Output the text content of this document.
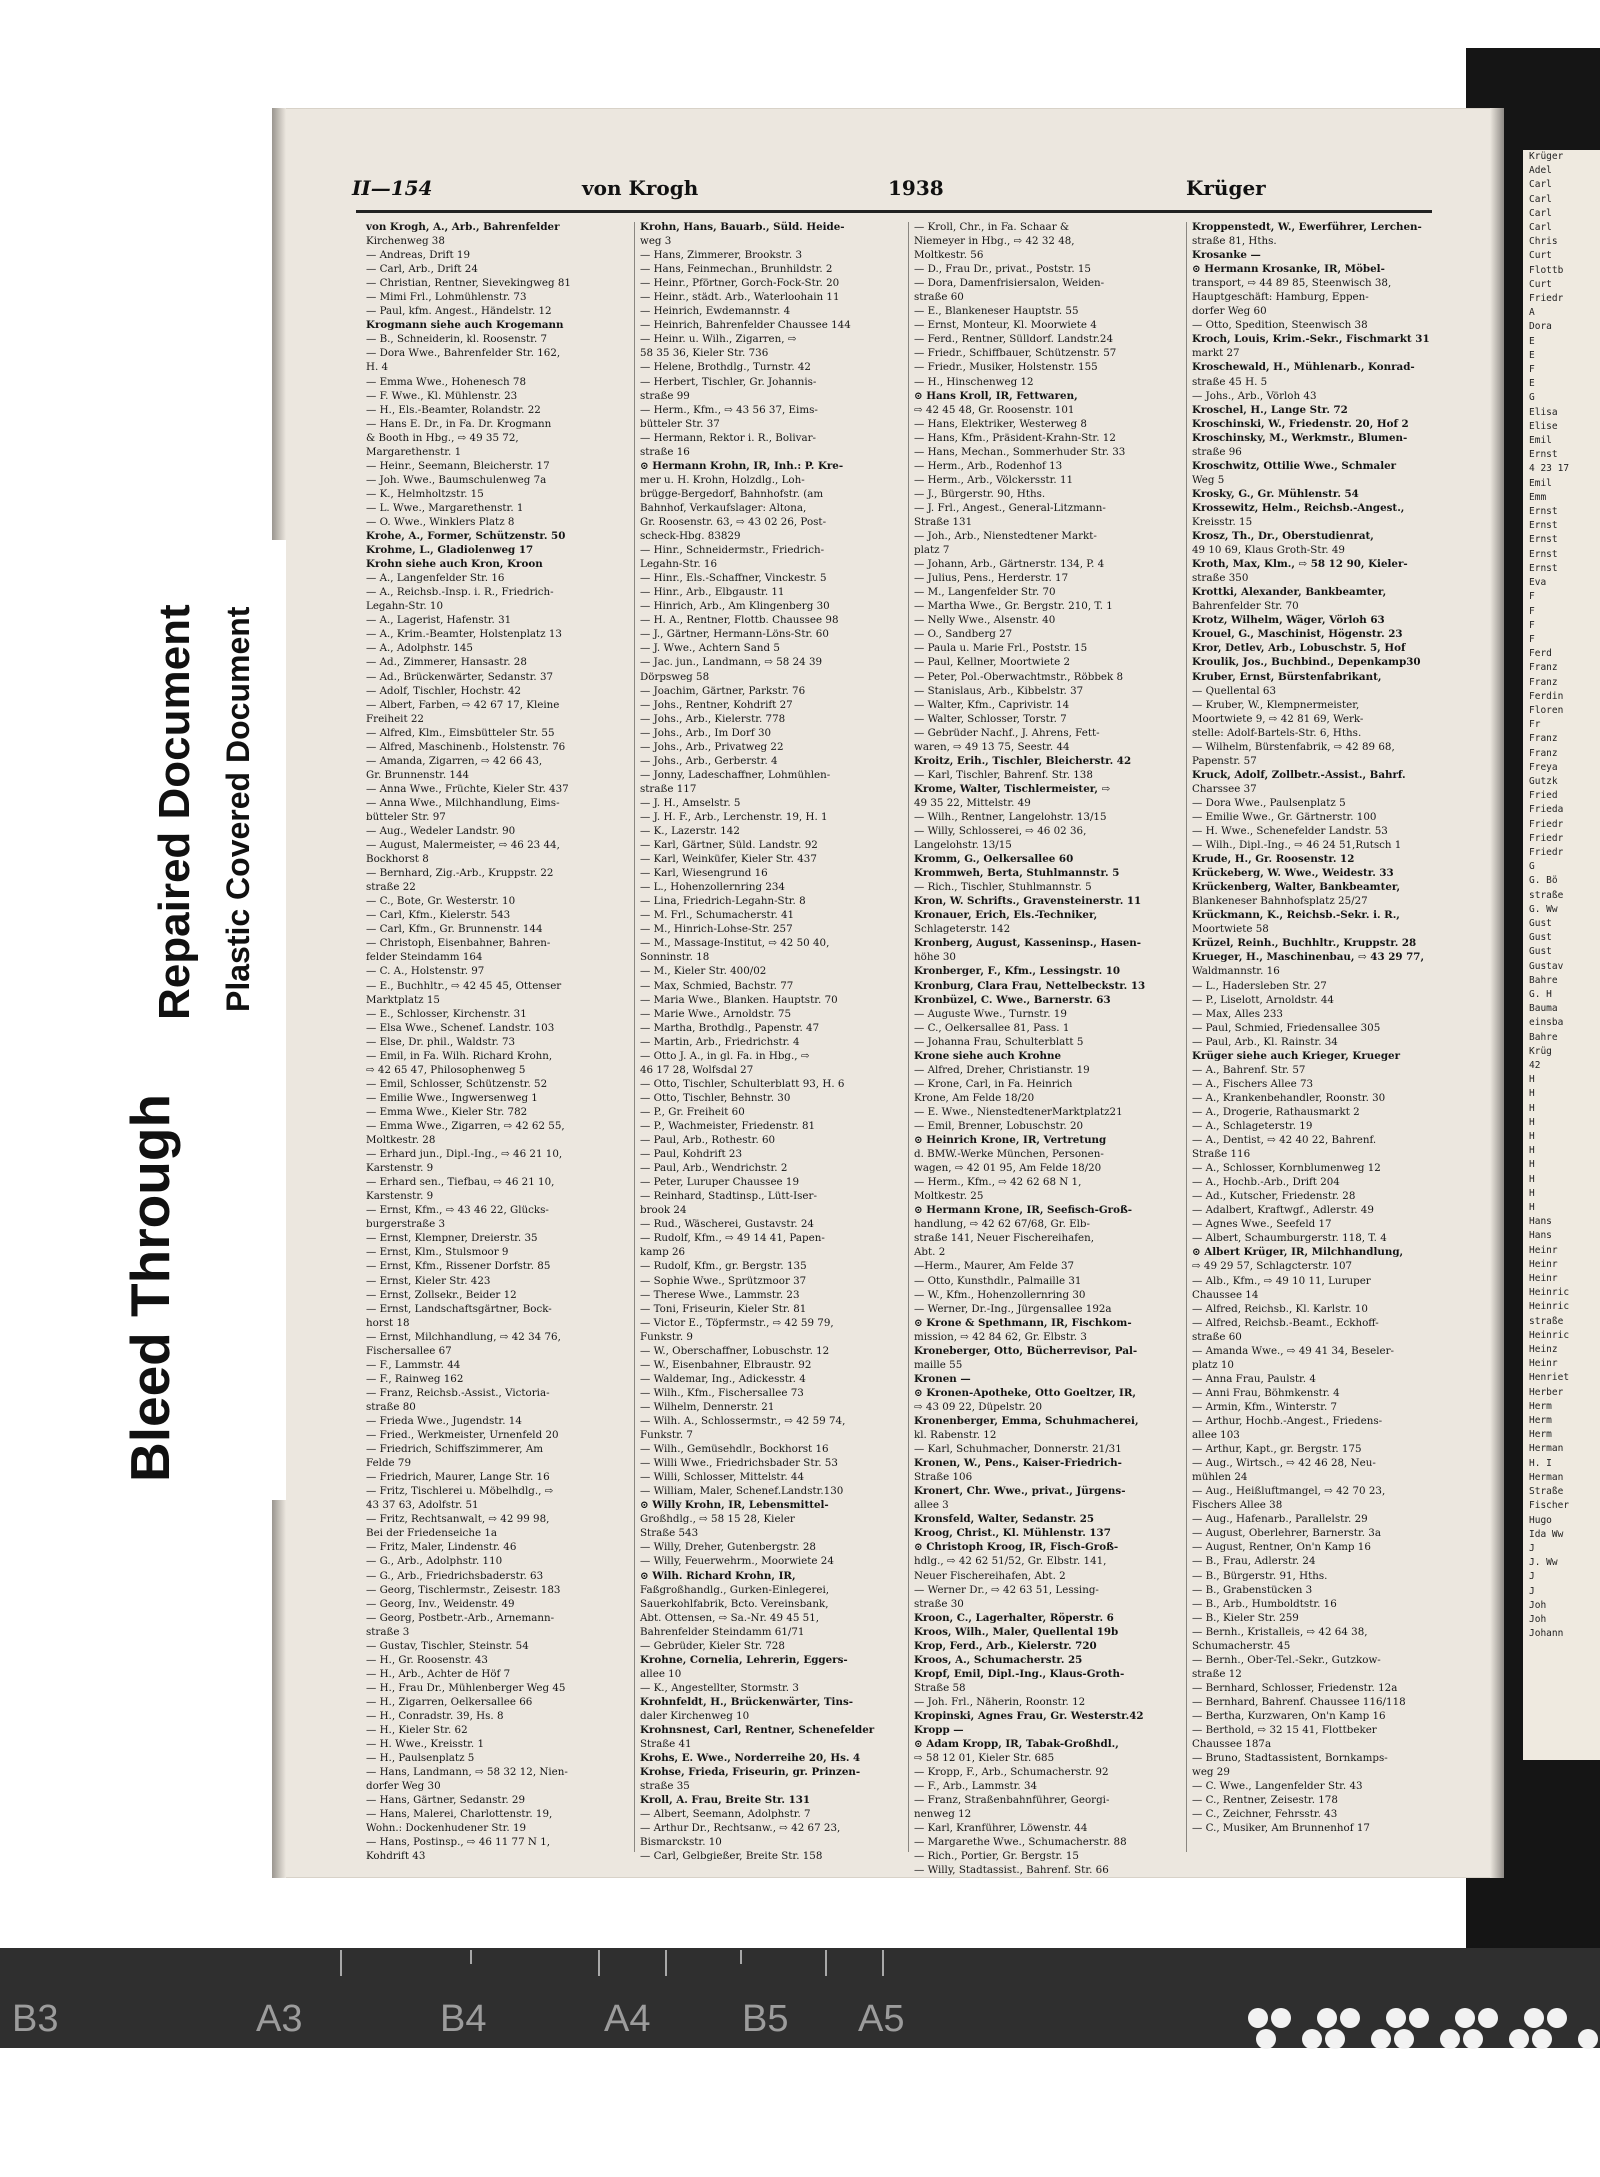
Krüger
Adel
Carl
Carl
Carl
Carl
Chris
Curt
Flottb
Curt
Friedr
A
Dora
E
E
F
E
G
Elisa
Elise
Emil
Ernst
4 23 17
Emil
Emm
Ernst
Ernst
Ernst
Ernst
Ernst
Eva
F
F
F
F
Ferd
Franz
Franz
Ferdin
Floren
Fr
Franz
Franz
Freya
Gutzk
Fried
Frieda
Friedr
Friedr
Friedr
G
G. Bö
straße
G. Ww
Gust
Gust
Gust
Gustav
Bahre
G. H
Bauma
einsba
Bahre
Krüg
42
H
H
H
H
H
H
H
H
H
H
Hans
Hans
Heinr
Heinr
Heinr
Heinric
Heinric
straße
Heinric
Heinz
Heinr
Henriet
Herber
Herm
Herm
Herm
Herman
H. I
Herman
Straße
Fischer
Hugo
Ida Ww
J
J. Ww
J
J
Joh
Joh
Johann
II—154	von Krogh	1938	Krüger
von Krogh, A., Arb., Bahrenfelder
Kirchenweg 38
— Andreas, Drift 19
— Carl, Arb., Drift 24
— Christian, Rentner, Sievekingweg 81
— Mimi Frl., Lohmühlenstr. 73
— Paul, kfm. Angest., Händelstr. 12
Krogmann siehe auch Krogemann
— B., Schneiderin, kl. Roosenstr. 7
— Dora Wwe., Bahrenfelder Str. 162,
H. 4
— Emma Wwe., Hohenesch 78
— F. Wwe., Kl. Mühlenstr. 23
— H., Els.-Beamter, Rolandstr. 22
— Hans E. Dr., in Fa. Dr. Krogmann
& Booth in Hbg., ⇨ 49 35 72,
Margarethenstr. 1
— Heinr., Seemann, Bleicherstr. 17
— Joh. Wwe., Baumschulenweg 7a
— K., Helmholtzstr. 15
— L. Wwe., Margarethenstr. 1
— O. Wwe., Winklers Platz 8
Krohe, A., Former, Schützenstr. 50
Krohme, L., Gladiolenweg 17
Krohn siehe auch Kron, Kroon
— A., Langenfelder Str. 16
— A., Reichsb.-Insp. i. R., Friedrich-
Legahn-Str. 10
— A., Lagerist, Hafenstr. 31
— A., Krim.-Beamter, Holstenplatz 13
— A., Adolphstr. 145
— Ad., Zimmerer, Hansastr. 28
— Ad., Brückenwärter, Sedanstr. 37
— Adolf, Tischler, Hochstr. 42
— Albert, Farben, ⇨ 42 67 17, Kleine
Freiheit 22
— Alfred, Klm., Eimsbütteler Str. 55
— Alfred, Maschinenb., Holstenstr. 76
— Amanda, Zigarren, ⇨ 42 66 43,
Gr. Brunnenstr. 144
— Anna Wwe., Früchte, Kieler Str. 437
— Anna Wwe., Milchhandlung, Eims-
bütteler Str. 97
— Aug., Wedeler Landstr. 90
— August, Malermeister, ⇨ 46 23 44,
Bockhorst 8
— Bernhard, Zig.-Arb., Kruppstr. 22
straße 22
— C., Bote, Gr. Westerstr. 10
— Carl, Kfm., Kielerstr. 543
— Carl, Kfm., Gr. Brunnenstr. 144
— Christoph, Eisenbahner, Bahren-
felder Steindamm 164
— C. A., Holstenstr. 97
— E., Buchhltr., ⇨ 42 45 45, Ottenser
Marktplatz 15
— E., Schlosser, Kirchenstr. 31
— Elsa Wwe., Schenef. Landstr. 103
— Else, Dr. phil., Waldstr. 73
— Emil, in Fa. Wilh. Richard Krohn,
⇨ 42 65 47, Philosophenweg 5
— Emil, Schlosser, Schützenstr. 52
— Emilie Wwe., Ingwersenweg 1
— Emma Wwe., Kieler Str. 782
— Emma Wwe., Zigarren, ⇨ 42 62 55,
Moltkestr. 28
— Erhard jun., Dipl.-Ing., ⇨ 46 21 10,
Karstenstr. 9
— Erhard sen., Tiefbau, ⇨ 46 21 10,
Karstenstr. 9
— Ernst, Kfm., ⇨ 43 46 22, Glücks-
burgerstraße 3
— Ernst, Klempner, Dreierstr. 35
— Ernst, Klm., Stulsmoor 9
— Ernst, Kfm., Rissener Dorfstr. 85
— Ernst, Kieler Str. 423
— Ernst, Zollsekr., Beider 12
— Ernst, Landschaftsgärtner, Bock-
horst 18
— Ernst, Milchhandlung, ⇨ 42 34 76,
Fischersallee 67
— F., Lammstr. 44
— F., Rainweg 162
— Franz, Reichsb.-Assist., Victoria-
straße 80
— Frieda Wwe., Jugendstr. 14
— Fried., Werkmeister, Urnenfeld 20
— Friedrich, Schiffszimmerer, Am
Felde 79
— Friedrich, Maurer, Lange Str. 16
— Fritz, Tischlerei u. Möbelhdlg., ⇨
43 37 63, Adolfstr. 51
— Fritz, Rechtsanwalt, ⇨ 42 99 98,
Bei der Friedenseiche 1a
— Fritz, Maler, Lindenstr. 46
— G., Arb., Adolphstr. 110
— G., Arb., Friedrichsbaderstr. 63
— Georg, Tischlermstr., Zeisestr. 183
— Georg, Inv., Weidenstr. 49
— Georg, Postbetr.-Arb., Arnemann-
straße 3
— Gustav, Tischler, Steinstr. 54
— H., Gr. Roosenstr. 43
— H., Arb., Achter de Höf 7
— H., Frau Dr., Mühlenberger Weg 45
— H., Zigarren, Oelkersallee 66
— H., Conradstr. 39, Hs. 8
— H., Kieler Str. 62
— H. Wwe., Kreisstr. 1
— H., Paulsenplatz 5
— Hans, Landmann, ⇨ 58 32 12, Nien-
dorfer Weg 30
— Hans, Gärtner, Sedanstr. 29
— Hans, Malerei, Charlottenstr. 19,
Wohn.: Dockenhudener Str. 19
— Hans, Postinsp., ⇨ 46 11 77 N 1,
Kohdrift 43
Krohn, Hans, Bauarb., Süld. Heide-
weg 3
— Hans, Zimmerer, Brookstr. 3
— Hans, Feinmechan., Brunhildstr. 2
— Heinr., Pförtner, Gorch-Fock-Str. 20
— Heinr., städt. Arb., Waterloohain 11
— Heinrich, Ewdemannstr. 4
— Heinrich, Bahrenfelder Chaussee 144
— Heinr. u. Wilh., Zigarren, ⇨
58 35 36, Kieler Str. 736
— Helene, Brothdlg., Turnstr. 42
— Herbert, Tischler, Gr. Johannis-
straße 99
— Herm., Kfm., ⇨ 43 56 37, Eims-
bütteler Str. 37
— Hermann, Rektor i. R., Bolivar-
straße 16
⊙ Hermann Krohn, IR, Inh.: P. Kre-
mer u. H. Krohn, Holzdlg., Loh-
brügge-Bergedorf, Bahnhofstr. (am
Bahnhof, Verkaufslager: Altona,
Gr. Roosenstr. 63, ⇨ 43 02 26, Post-
scheck-Hbg. 83829
— Hinr., Schneidermstr., Friedrich-
Legahn-Str. 16
— Hinr., Els.-Schaffner, Vinckestr. 5
— Hinr., Arb., Elbgaustr. 11
— Hinrich, Arb., Am Klingenberg 30
— H. A., Rentner, Flottb. Chaussee 98
— J., Gärtner, Hermann-Löns-Str. 60
— J. Wwe., Achtern Sand 5
— Jac. jun., Landmann, ⇨ 58 24 39
Dörpsweg 58
— Joachim, Gärtner, Parkstr. 76
— Johs., Rentner, Kohdrift 27
— Johs., Arb., Kielerstr. 778
— Johs., Arb., Im Dorf 30
— Johs., Arb., Privatweg 22
— Johs., Arb., Gerberstr. 4
— Jonny, Ladeschaffner, Lohmühlen-
straße 117
— J. H., Amselstr. 5
— J. H. F., Arb., Lerchenstr. 19, H. 1
— K., Lazerstr. 142
— Karl, Gärtner, Süld. Landstr. 92
— Karl, Weinküfer, Kieler Str. 437
— Karl, Wiesengrund 16
— L., Hohenzollernring 234
— Lina, Friedrich-Legahn-Str. 8
— M. Frl., Schumacherstr. 41
— M., Hinrich-Lohse-Str. 257
— M., Massage-Institut, ⇨ 42 50 40,
Sonninstr. 18
— M., Kieler Str. 400/02
— Max, Schmied, Bachstr. 77
— Maria Wwe., Blanken. Hauptstr. 70
— Marie Wwe., Arnoldstr. 75
— Martha, Brothdlg., Papenstr. 47
— Martin, Arb., Friedrichstr. 4
— Otto J. A., in gl. Fa. in Hbg., ⇨
46 17 28, Wolfsdal 27
— Otto, Tischler, Schulterblatt 93, H. 6
— Otto, Tischler, Behnstr. 30
— P., Gr. Freiheit 60
— P., Wachmeister, Friedenstr. 81
— Paul, Arb., Rothestr. 60
— Paul, Kohdrift 23
— Paul, Arb., Wendrichstr. 2
— Peter, Luruper Chaussee 19
— Reinhard, Stadtinsp., Lütt-Iser-
brook 24
— Rud., Wäscherei, Gustavstr. 24
— Rudolf, Kfm., ⇨ 49 14 41, Papen-
kamp 26
— Rudolf, Kfm., gr. Bergstr. 135
— Sophie Wwe., Sprützmoor 37
— Therese Wwe., Lammstr. 23
— Toni, Friseurin, Kieler Str. 81
— Victor E., Töpfermstr., ⇨ 42 59 79,
Funkstr. 9
— W., Oberschaffner, Lobuschstr. 12
— W., Eisenbahner, Elbraustr. 92
— Waldemar, Ing., Adickesstr. 4
— Wilh., Kfm., Fischersallee 73
— Wilhelm, Dennerstr. 21
— Wilh. A., Schlossermstr., ⇨ 42 59 74,
Funkstr. 7
— Wilh., Gemüsehdlr., Bockhorst 16
— Willi Wwe., Friedrichsbader Str. 53
— Willi, Schlosser, Mittelstr. 44
— William, Maler, Schenef.Landstr.130
⊙ Willy Krohn, IR, Lebensmittel-
Großhdlg., ⇨ 58 15 28, Kieler
Straße 543
— Willy, Dreher, Gutenbergstr. 28
— Willy, Feuerwehrm., Moorwiete 24
⊙ Wilh. Richard Krohn, IR,
Faßgroßhandlg., Gurken-Einlegerei,
Sauerkohlfabrik, Bcto. Vereinsbank,
Abt. Ottensen, ⇨ Sa.-Nr. 49 45 51,
Bahrenfelder Steindamm 61/71
— Gebrüder, Kieler Str. 728
Krohne, Cornelia, Lehrerin, Eggers-
allee 10
— K., Angestellter, Stormstr. 3
Krohnfeldt, H., Brückenwärter, Tins-
daler Kirchenweg 10
Krohnsnest, Carl, Rentner, Schenefelder
Straße 41
Krohs, E. Wwe., Norderreihe 20, Hs. 4
Krohse, Frieda, Friseurin, gr. Prinzen-
straße 35
Kroll, A. Frau, Breite Str. 131
— Albert, Seemann, Adolphstr. 7
— Arthur Dr., Rechtsanw., ⇨ 42 67 23,
Bismarckstr. 10
— Carl, Gelbgießer, Breite Str. 158
— Kroll, Chr., in Fa. Schaar &
Niemeyer in Hbg., ⇨ 42 32 48,
Moltkestr. 56
— D., Frau Dr., privat., Poststr. 15
— Dora, Damenfrisiersalon, Weiden-
straße 60
— E., Blankeneser Hauptstr. 55
— Ernst, Monteur, Kl. Moorwiete 4
— Ferd., Rentner, Sülldorf. Landstr.24
— Friedr., Schiffbauer, Schützenstr. 57
— Friedr., Musiker, Holstenstr. 155
— H., Hinschenweg 12
⊙ Hans Kroll, IR, Fettwaren,
⇨ 42 45 48, Gr. Roosenstr. 101
— Hans, Elektriker, Westerweg 8
— Hans, Kfm., Präsident-Krahn-Str. 12
— Hans, Mechan., Sommerhuder Str. 33
— Herm., Arb., Rodenhof 13
— Herm., Arb., Völckersstr. 11
— J., Bürgerstr. 90, Hths.
— J. Frl., Angest., General-Litzmann-
Straße 131
— Joh., Arb., Nienstedtener Markt-
platz 7
— Johann, Arb., Gärtnerstr. 134, P. 4
— Julius, Pens., Herderstr. 17
— M., Langenfelder Str. 70
— Martha Wwe., Gr. Bergstr. 210, T. 1
— Nelly Wwe., Alsenstr. 40
— O., Sandberg 27
— Paula u. Marie Frl., Poststr. 15
— Paul, Kellner, Moortwiete 2
— Peter, Pol.-Oberwachtmstr., Röbbek 8
— Stanislaus, Arb., Kibbelstr. 37
— Walter, Kfm., Caprivistr. 14
— Walter, Schlosser, Torstr. 7
— Gebrüder Nachf., J. Ahrens, Fett-
waren, ⇨ 49 13 75, Seestr. 44
Kroitz, Erih., Tischler, Bleicherstr. 42
— Karl, Tischler, Bahrenf. Str. 138
Krome, Walter, Tischlermeister, ⇨
49 35 22, Mittelstr. 49
— Wilh., Rentner, Langelohstr. 13/15
— Willy, Schlosserei, ⇨ 46 02 36,
Langelohstr. 13/15
Kromm, G., Oelkersallee 60
Krommweh, Berta, Stuhlmannstr. 5
— Rich., Tischler, Stuhlmannstr. 5
Kron, W. Schrifts., Gravensteinerstr. 11
Kronauer, Erich, Els.-Techniker,
Schlageterstr. 142
Kronberg, August, Kasseninsp., Hasen-
höhe 30
Kronberger, F., Kfm., Lessingstr. 10
Kronburg, Clara Frau, Nettelbeckstr. 13
Kronbüzel, C. Wwe., Barnerstr. 63
— Auguste Wwe., Turnstr. 19
— C., Oelkersallee 81, Pass. 1
— Johanna Frau, Schulterblatt 5
Krone siehe auch Krohne
— Alfred, Dreher, Christianstr. 19
— Krone, Carl, in Fa. Heinrich
Krone, Am Felde 18/20
— E. Wwe., NienstedtenerMarktplatz21
— Emil, Brenner, Lobuschstr. 20
⊙ Heinrich Krone, IR, Vertretung
d. BMW.-Werke München, Personen-
wagen, ⇨ 42 01 95, Am Felde 18/20
— Herm., Kfm., ⇨ 42 62 68 N 1,
Moltkestr. 25
⊙ Hermann Krone, IR, Seefisch-Groß-
handlung, ⇨ 42 62 67/68, Gr. Elb-
straße 141, Neuer Fischereihafen,
Abt. 2
—Herm., Maurer, Am Felde 37
— Otto, Kunsthdlr., Palmaille 31
— W., Kfm., Hohenzollernring 30
— Werner, Dr.-Ing., Jürgensallee 192a
⊙ Krone & Spethmann, IR, Fischkom-
mission, ⇨ 42 84 62, Gr. Elbstr. 3
Kroneberger, Otto, Bücherrevisor, Pal-
maille 55
Kronen —
⊙ Kronen-Apotheke, Otto Goeltzer, IR,
⇨ 43 09 22, Düpelstr. 20
Kronenberger, Emma, Schuhmacherei,
kl. Rabenstr. 12
— Karl, Schuhmacher, Donnerstr. 21/31
Kronen, W., Pens., Kaiser-Friedrich-
Straße 106
Kronert, Chr. Wwe., privat., Jürgens-
allee 3
Kronsfeld, Walter, Sedanstr. 25
Kroog, Christ., Kl. Mühlenstr. 137
⊙ Christoph Kroog, IR, Fisch-Groß-
hdlg., ⇨ 42 62 51/52, Gr. Elbstr. 141,
Neuer Fischereihafen, Abt. 2
— Werner Dr., ⇨ 42 63 51, Lessing-
straße 30
Kroon, C., Lagerhalter, Röperstr. 6
Kroos, Wilh., Maler, Quellental 19b
Krop, Ferd., Arb., Kielerstr. 720
Kroos, A., Schumacherstr. 25
Kropf, Emil, Dipl.-Ing., Klaus-Groth-
Straße 58
— Joh. Frl., Näherin, Roonstr. 12
Kropinski, Agnes Frau, Gr. Westerstr.42
Kropp —
⊙ Adam Kropp, IR, Tabak-Großhdl.,
⇨ 58 12 01, Kieler Str. 685
— Kropp, F., Arb., Schumacherstr. 92
— F., Arb., Lammstr. 34
— Franz, Straßenbahnführer, Georgi-
nenweg 12
— Karl, Kranführer, Löwenstr. 44
— Margarethe Wwe., Schumacherstr. 88
— Rich., Portier, Gr. Bergstr. 15
— Willy, Stadtassist., Bahrenf. Str. 66
Kroppenstedt, W., Ewerführer, Lerchen-
straße 81, Hths.
Krosanke —
⊙ Hermann Krosanke, IR, Möbel-
transport, ⇨ 44 89 85, Steenwisch 38,
Hauptgeschäft: Hamburg, Eppen-
dorfer Weg 60
— Otto, Spedition, Steenwisch 38
Kroch, Louis, Krim.-Sekr., Fischmarkt 31
markt 27
Kroschewald, H., Mühlenarb., Konrad-
straße 45 H. 5
— Johs., Arb., Vörloh 43
Kroschel, H., Lange Str. 72
Kroschinski, W., Friedenstr. 20, Hof 2
Kroschinsky, M., Werkmstr., Blumen-
straße 96
Kroschwitz, Ottilie Wwe., Schmaler
Weg 5
Krosky, G., Gr. Mühlenstr. 54
Krossewitz, Helm., Reichsb.-Angest.,
Kreisstr. 15
Krosz, Th., Dr., Oberstudienrat,
49 10 69, Klaus Groth-Str. 49
Kroth, Max, Klm., ⇨ 58 12 90, Kieler-
straße 350
Krottki, Alexander, Bankbeamter,
Bahrenfelder Str. 70
Krotz, Wilhelm, Wäger, Vörloh 63
Krouel, G., Maschinist, Högenstr. 23
Kror, Detlev, Arb., Lobuschstr. 5, Hof
Kroulik, Jos., Buchbind., Depenkamp30
Kruber, Ernst, Bürstenfabrikant,
— Quellental 63
— Kruber, W., Klempnermeister,
Moortwiete 9, ⇨ 42 81 69, Werk-
stelle: Adolf-Bartels-Str. 6, Hths.
— Wilhelm, Bürstenfabrik, ⇨ 42 89 68,
Papenstr. 57
Kruck, Adolf, Zollbetr.-Assist., Bahrf.
Charssee 37
— Dora Wwe., Paulsenplatz 5
— Emilie Wwe., Gr. Gärtnerstr. 100
— H. Wwe., Schenefelder Landstr. 53
— Wilh., Dipl.-Ing., ⇨ 46 24 51,Rutsch 1
Krude, H., Gr. Roosenstr. 12
Krückeberg, W. Wwe., Weidestr. 33
Krückenberg, Walter, Bankbeamter,
Blankeneser Bahnhofsplatz 25/27
Krückmann, K., Reichsb.-Sekr. i. R.,
Moortwiete 58
Krüzel, Reinh., Buchhltr., Kruppstr. 28
Krueger, H., Maschinenbau, ⇨ 43 29 77,
Waldmannstr. 16
— L., Hadersleben Str. 27
— P., Liselott, Arnoldstr. 44
— Max, Alles 233
— Paul, Schmied, Friedensallee 305
— Paul, Arb., Kl. Rainstr. 34
Krüger siehe auch Krieger, Krueger
— A., Bahrenf. Str. 57
— A., Fischers Allee 73
— A., Krankenbehandler, Roonstr. 30
— A., Drogerie, Rathausmarkt 2
— A., Schlageterstr. 19
— A., Dentist, ⇨ 42 40 22, Bahrenf.
Straße 116
— A., Schlosser, Kornblumenweg 12
— A., Hochb.-Arb., Drift 204
— Ad., Kutscher, Friedenstr. 28
— Adalbert, Kraftwgf., Adlerstr. 49
— Agnes Wwe., Seefeld 17
— Albert, Schaumburgerstr. 118, T. 4
⊙ Albert Krüger, IR, Milchhandlung,
⇨ 49 29 57, Schlagcterstr. 107
— Alb., Kfm., ⇨ 49 10 11, Luruper
Chaussee 14
— Alfred, Reichsb., Kl. Karlstr. 10
— Alfred, Reichsb.-Beamt., Eckhoff-
straße 60
— Amanda Wwe., ⇨ 49 41 34, Beseler-
platz 10
— Anna Frau, Paulstr. 4
— Anni Frau, Böhmkenstr. 4
— Armin, Kfm., Winterstr. 7
— Arthur, Hochb.-Angest., Friedens-
allee 103
— Arthur, Kapt., gr. Bergstr. 175
— Aug., Wirtsch., ⇨ 42 46 28, Neu-
mühlen 24
— Aug., Heißluftmangel, ⇨ 42 70 23,
Fischers Allee 38
— Aug., Hafenarb., Parallelstr. 29
— August, Oberlehrer, Barnerstr. 3a
— August, Rentner, On'n Kamp 16
— B., Frau, Adlerstr. 24
— B., Bürgerstr. 91, Hths.
— B., Grabenstücken 3
— B., Arb., Humboldtstr. 16
— B., Kieler Str. 259
— Bernh., Kristalleis, ⇨ 42 64 38,
Schumacherstr. 45
— Bernh., Ober-Tel.-Sekr., Gutzkow-
straße 12
— Bernhard, Schlosser, Friedenstr. 12a
— Bernhard, Bahrenf. Chaussee 116/118
— Bertha, Kurzwaren, On'n Kamp 16
— Berthold, ⇨ 32 15 41, Flottbeker
Chaussee 187a
— Bruno, Stadtassistent, Bornkamps-
weg 29
— C. Wwe., Langenfelder Str. 43
— C., Rentner, Zeisestr. 178
— C., Zeichner, Fehrsstr. 43
— C., Musiker, Am Brunnenhof 17
Bleed Through
Repaired Document Plastic Covered Document
B3	A3	B4	A4 B5 A5
